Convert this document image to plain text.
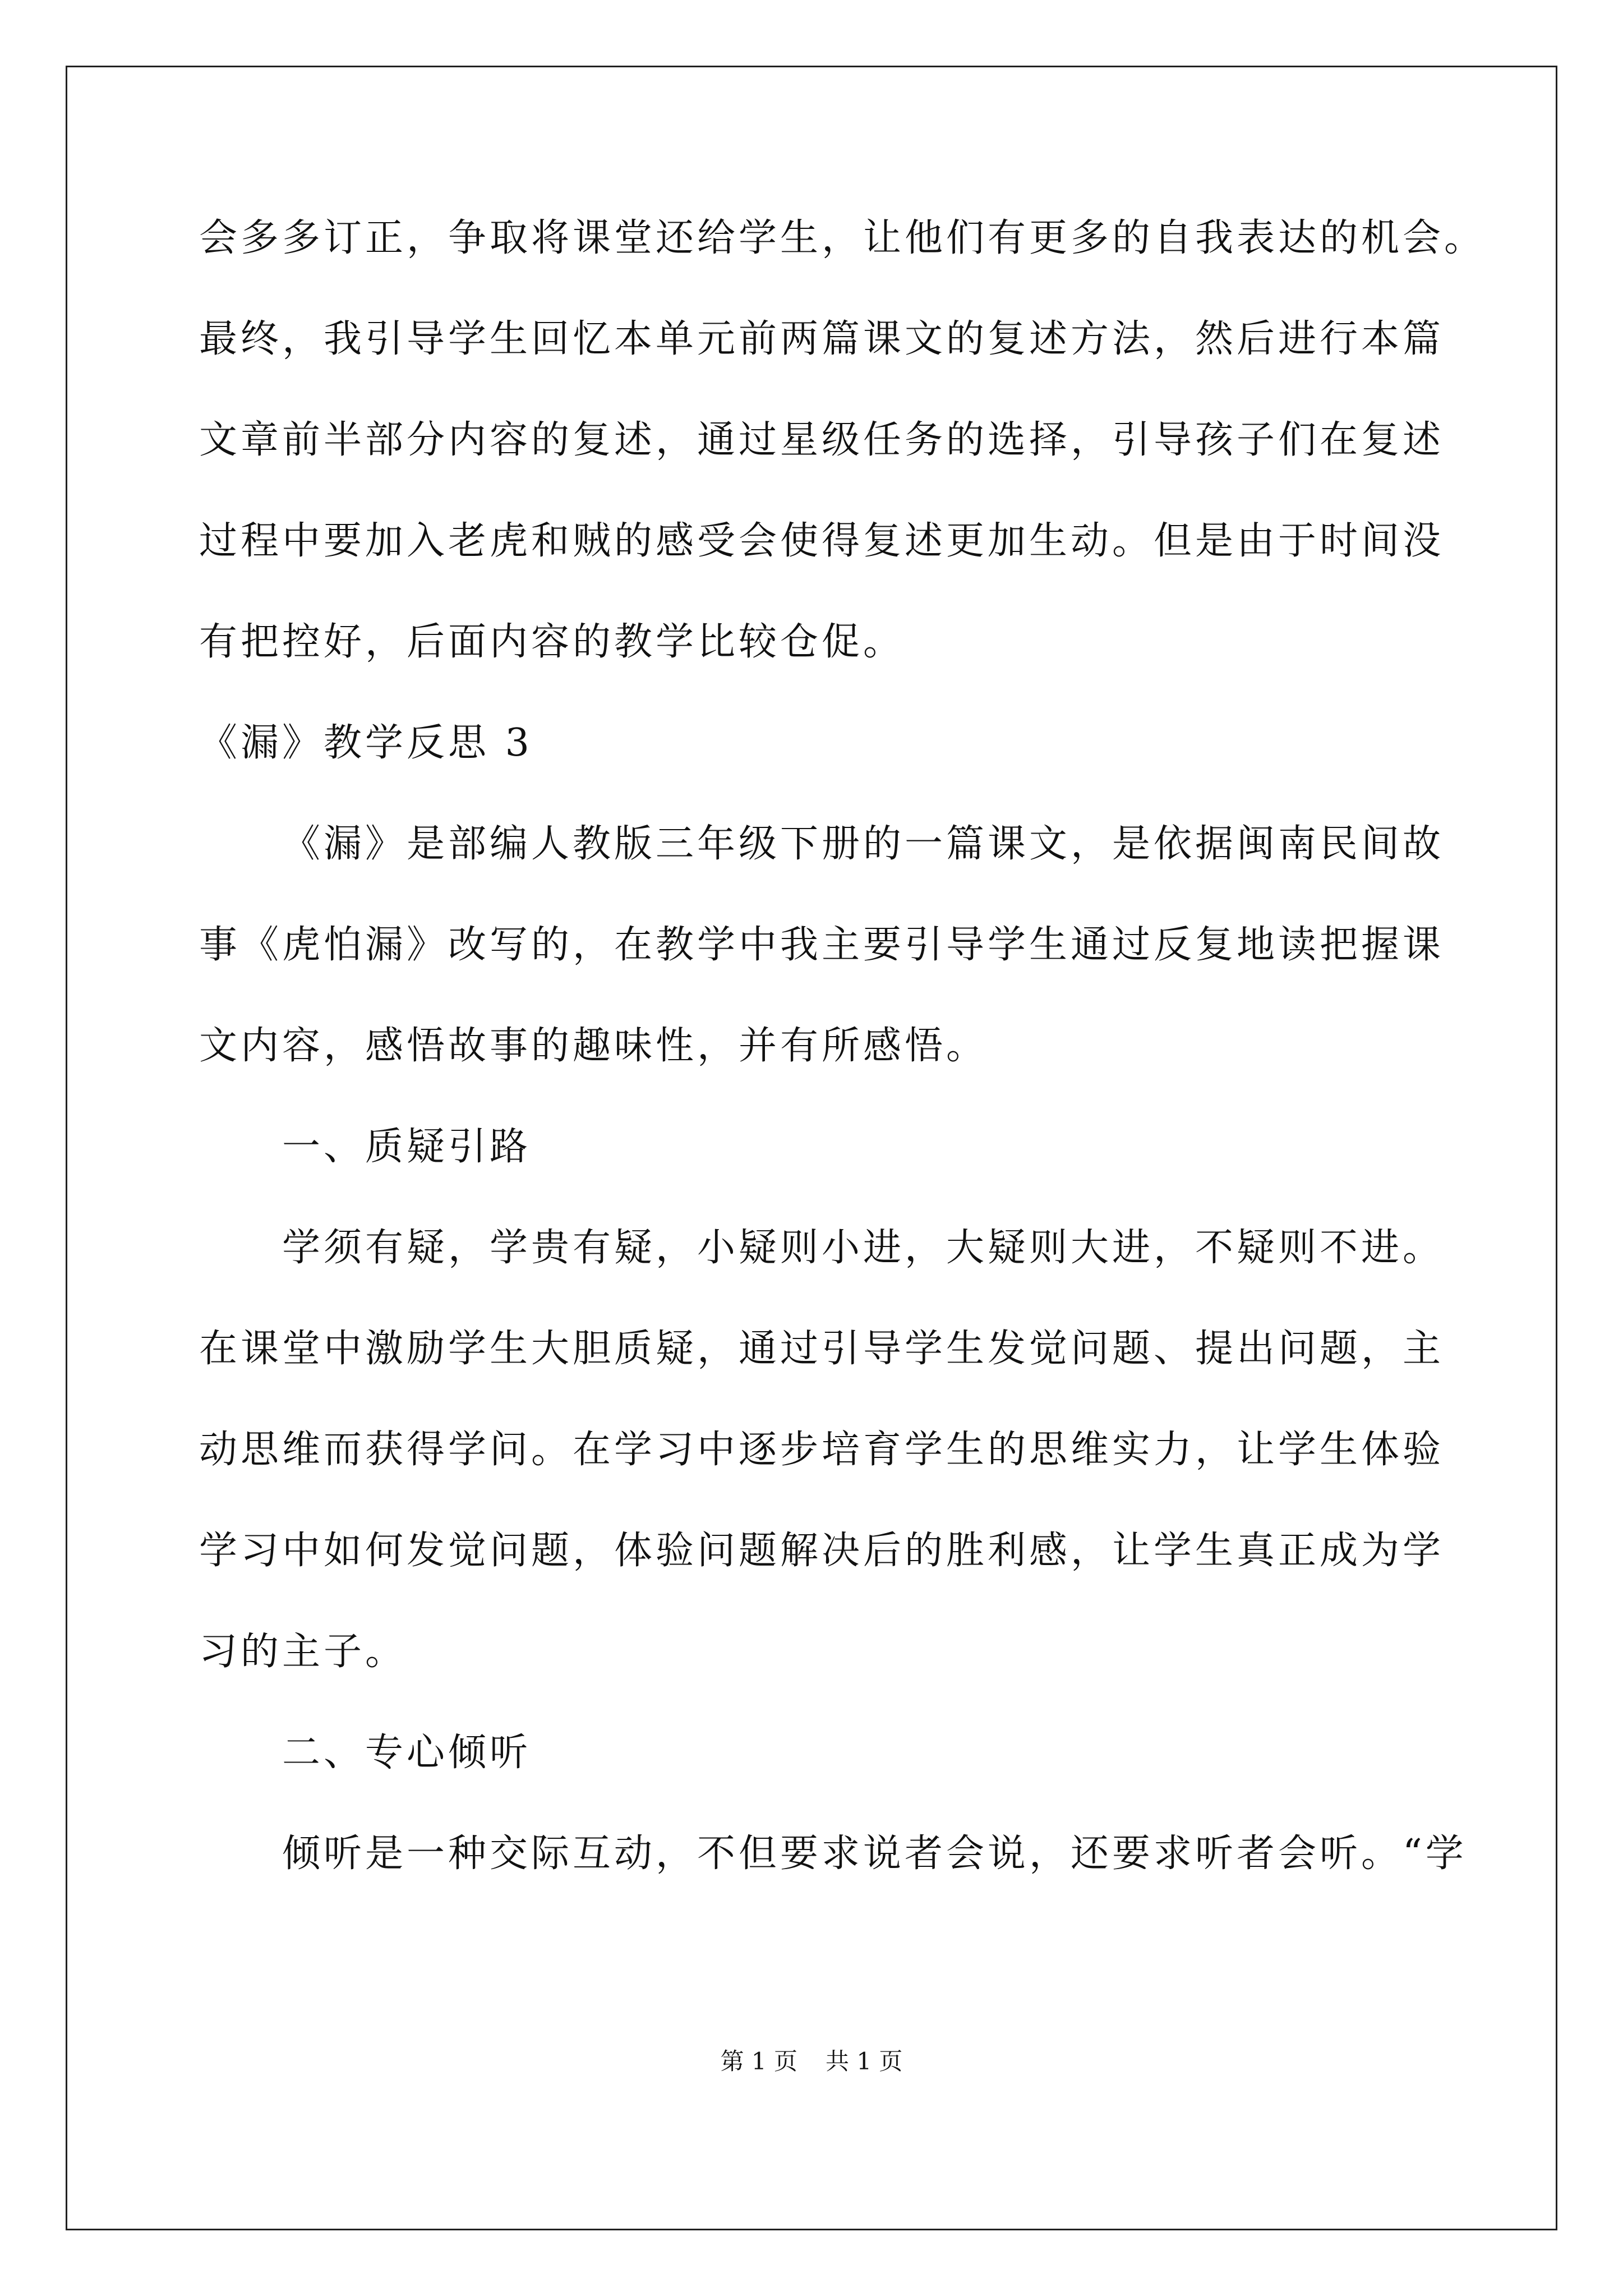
会多多订正，争取将课堂还给学生，让他们有更多的自我表达的机会。
最终，我引导学生回忆本单元前两篇课文的复述方法，然后进行本篇
文章前半部分内容的复述，通过星级任务的选择，引导孩子们在复述
过程中要加入老虎和贼的感受会使得复述更加生动。但是由于时间没
有把控好，后面内容的教学比较仓促。
《漏》教学反思 3
《漏》是部编人教版三年级下册的一篇课文，是依据闽南民间故
事《虎怕漏》改写的，在教学中我主要引导学生通过反复地读把握课
文内容，感悟故事的趣味性，并有所感悟。
一、质疑引路
学须有疑，学贵有疑，小疑则小进，大疑则大进，不疑则不进。
在课堂中激励学生大胆质疑，通过引导学生发觉问题、提出问题，主
动思维而获得学问。在学习中逐步培育学生的思维实力，让学生体验
学习中如何发觉问题，体验问题解决后的胜利感，让学生真正成为学
习的主子。
二、专心倾听
倾听是一种交际互动，不但要求说者会说，还要求听者会听。“学
第 1 页 共 1 页
